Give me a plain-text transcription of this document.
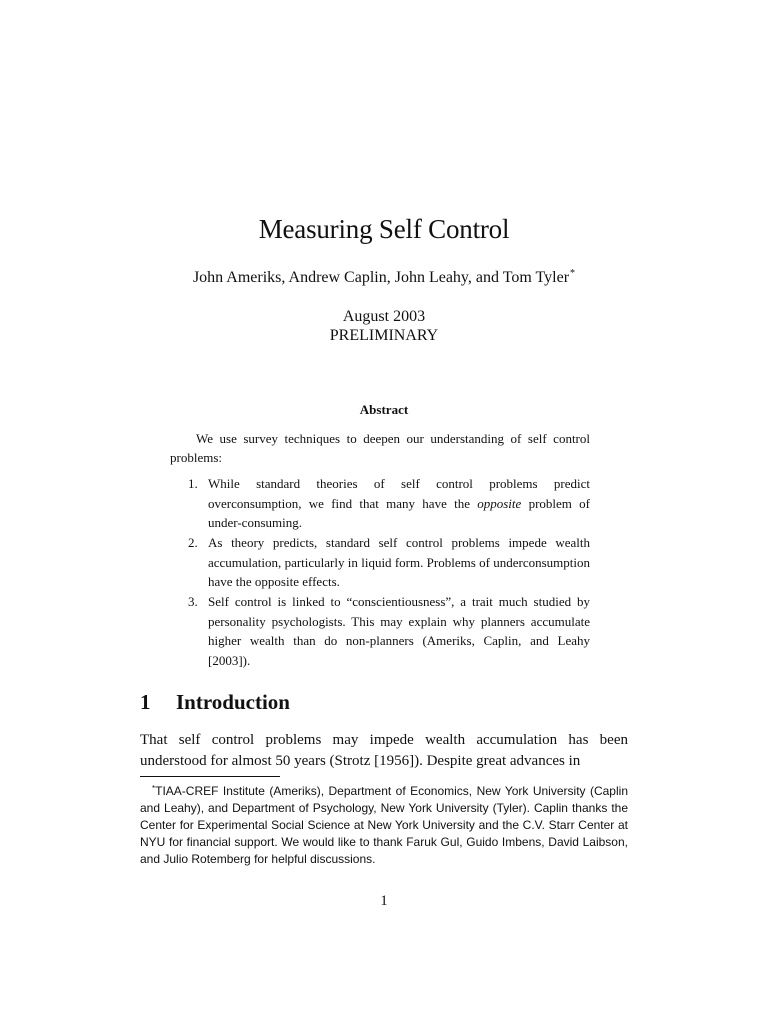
Measuring Self Control
John Ameriks, Andrew Caplin, John Leahy, and Tom Tyler*
August 2003
PRELIMINARY
Abstract
We use survey techniques to deepen our understanding of self control problems:
1. While standard theories of self control problems predict overconsumption, we find that many have the opposite problem of under-consuming.
2. As theory predicts, standard self control problems impede wealth accumulation, particularly in liquid form. Problems of underconsumption have the opposite effects.
3. Self control is linked to “conscientiousness”, a trait much studied by personality psychologists. This may explain why planners accumulate higher wealth than do non-planners (Ameriks, Caplin, and Leahy [2003]).
1 Introduction
That self control problems may impede wealth accumulation has been understood for almost 50 years (Strotz [1956]). Despite great advances in
*TIAA-CREF Institute (Ameriks), Department of Economics, New York University (Caplin and Leahy), and Department of Psychology, New York University (Tyler). Caplin thanks the Center for Experimental Social Science at New York University and the C.V. Starr Center at NYU for financial support. We would like to thank Faruk Gul, Guido Imbens, David Laibson, and Julio Rotemberg for helpful discussions.
1
